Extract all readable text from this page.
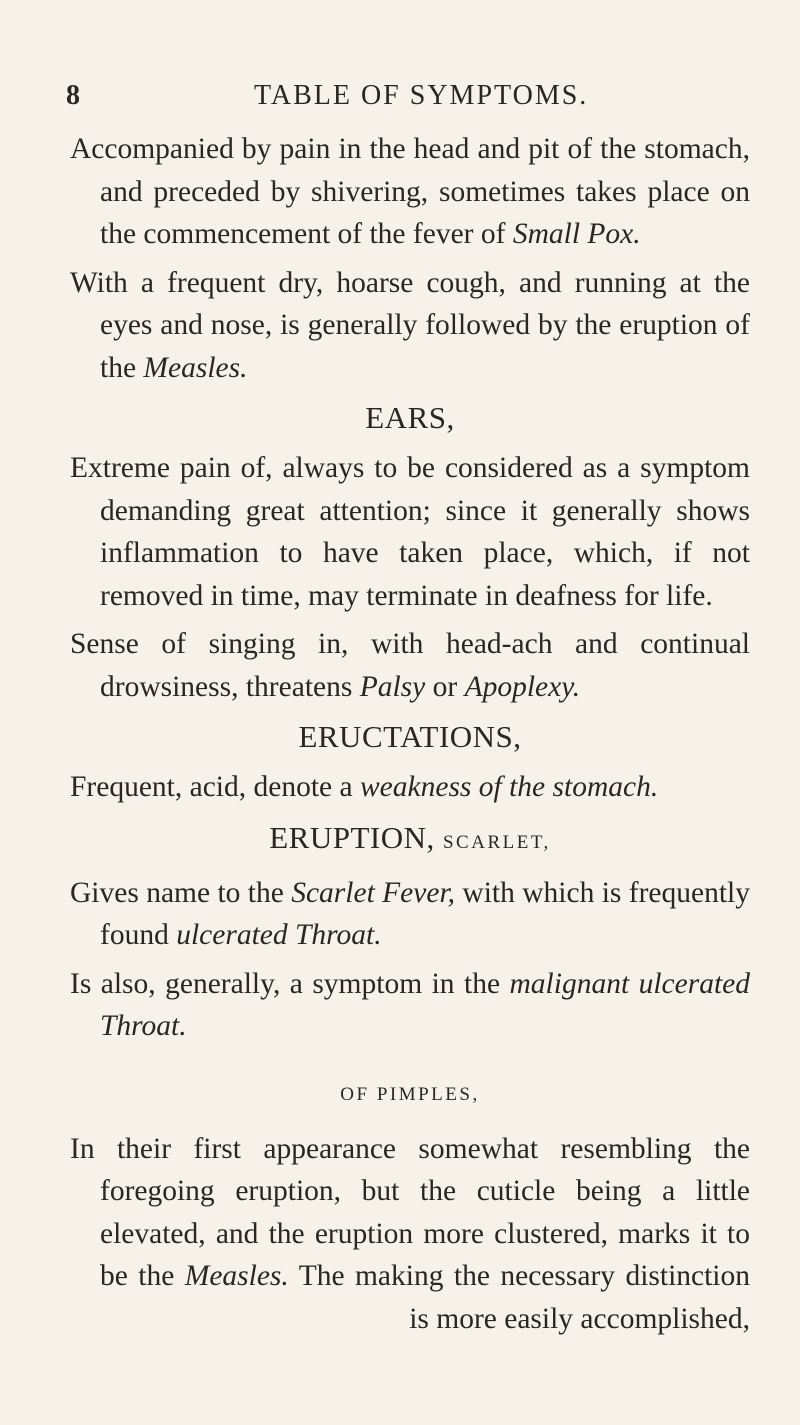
8	TABLE OF SYMPTOMS.

Accompanied by pain in the head and pit of the stomach, and preceded by shivering, sometimes takes place on the commencement of the fever of Small Pox.

With a frequent dry, hoarse cough, and running at the eyes and nose, is generally followed by the eruption of the Measles.

EARS,

Extreme pain of, always to be considered as a symptom demanding great attention; since it generally shows inflammation to have taken place, which, if not removed in time, may terminate in deafness for life.

Sense of singing in, with head-ach and continual drowsiness, threatens Palsy or Apoplexy.

ERUCTATIONS,

Frequent, acid, denote a weakness of the stomach.

ERUPTION, SCARLET,

Gives name to the Scarlet Fever, with which is frequently found ulcerated Throat.

Is also, generally, a symptom in the malignant ulcerated Throat.

OF PIMPLES,

In their first appearance somewhat resembling the foregoing eruption, but the cuticle being a little elevated, and the eruption more clustered, marks it to be the Measles. The making the necessary distinction is more easily accomplished,
